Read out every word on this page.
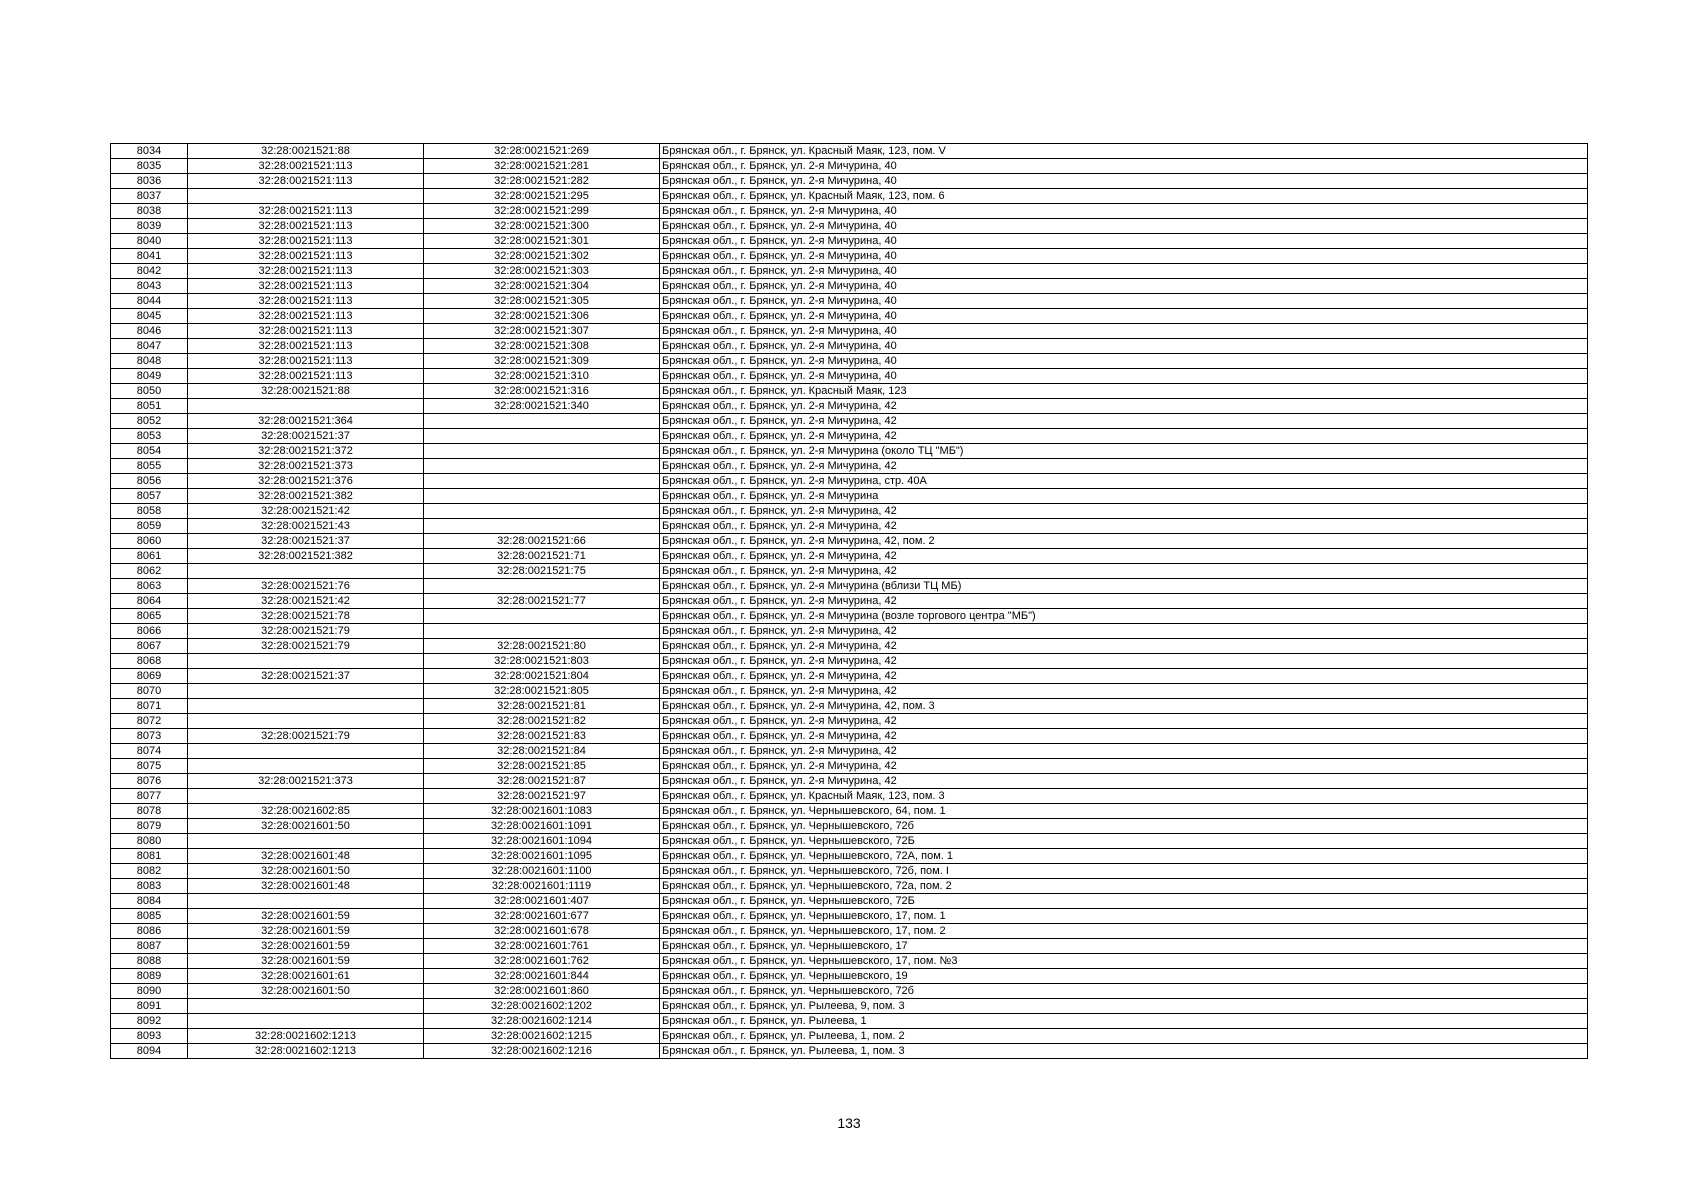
8034	32:28:0021521:88	32:28:0021521:269	Брянская обл., г. Брянск, ул. Красный Маяк, 123, пом. V
8035	32:28:0021521:113	32:28:0021521:281	Брянская обл., г. Брянск, ул. 2-я Мичурина, 40
8036	32:28:0021521:113	32:28:0021521:282	Брянская обл., г. Брянск, ул. 2-я Мичурина, 40
8037		32:28:0021521:295	Брянская обл., г. Брянск, ул. Красный Маяк, 123, пом. 6
8038	32:28:0021521:113	32:28:0021521:299	Брянская обл., г. Брянск, ул. 2-я Мичурина, 40
8039	32:28:0021521:113	32:28:0021521:300	Брянская обл., г. Брянск, ул. 2-я Мичурина, 40
8040	32:28:0021521:113	32:28:0021521:301	Брянская обл., г. Брянск, ул. 2-я Мичурина, 40
8041	32:28:0021521:113	32:28:0021521:302	Брянская обл., г. Брянск, ул. 2-я Мичурина, 40
8042	32:28:0021521:113	32:28:0021521:303	Брянская обл., г. Брянск, ул. 2-я Мичурина, 40
8043	32:28:0021521:113	32:28:0021521:304	Брянская обл., г. Брянск, ул. 2-я Мичурина, 40
8044	32:28:0021521:113	32:28:0021521:305	Брянская обл., г. Брянск, ул. 2-я Мичурина, 40
8045	32:28:0021521:113	32:28:0021521:306	Брянская обл., г. Брянск, ул. 2-я Мичурина, 40
8046	32:28:0021521:113	32:28:0021521:307	Брянская обл., г. Брянск, ул. 2-я Мичурина, 40
8047	32:28:0021521:113	32:28:0021521:308	Брянская обл., г. Брянск, ул. 2-я Мичурина, 40
8048	32:28:0021521:113	32:28:0021521:309	Брянская обл., г. Брянск, ул. 2-я Мичурина, 40
8049	32:28:0021521:113	32:28:0021521:310	Брянская обл., г. Брянск, ул. 2-я Мичурина, 40
8050	32:28:0021521:88	32:28:0021521:316	Брянская обл., г. Брянск, ул. Красный Маяк, 123
8051		32:28:0021521:340	Брянская обл., г. Брянск, ул. 2-я Мичурина, 42
8052	32:28:0021521:364		Брянская обл., г. Брянск, ул. 2-я Мичурина, 42
8053	32:28:0021521:37		Брянская обл., г. Брянск, ул. 2-я Мичурина, 42
8054	32:28:0021521:372		Брянская обл., г. Брянск, ул. 2-я Мичурина (около ТЦ "МБ")
8055	32:28:0021521:373		Брянская обл., г. Брянск, ул. 2-я Мичурина, 42
8056	32:28:0021521:376		Брянская обл., г. Брянск, ул. 2-я Мичурина, стр. 40А
8057	32:28:0021521:382		Брянская обл., г. Брянск, ул. 2-я Мичурина
8058	32:28:0021521:42		Брянская обл., г. Брянск, ул. 2-я Мичурина, 42
8059	32:28:0021521:43		Брянская обл., г. Брянск, ул. 2-я Мичурина, 42
8060	32:28:0021521:37	32:28:0021521:66	Брянская обл., г. Брянск, ул. 2-я Мичурина, 42, пом. 2
8061	32:28:0021521:382	32:28:0021521:71	Брянская обл., г. Брянск, ул. 2-я Мичурина, 42
8062		32:28:0021521:75	Брянская обл., г. Брянск, ул. 2-я Мичурина, 42
8063	32:28:0021521:76		Брянская обл., г. Брянск, ул. 2-я Мичурина (вблизи ТЦ МБ)
8064	32:28:0021521:42	32:28:0021521:77	Брянская обл., г. Брянск, ул. 2-я Мичурина, 42
8065	32:28:0021521:78		Брянская обл., г. Брянск, ул. 2-я Мичурина (возле торгового центра "МБ")
8066	32:28:0021521:79		Брянская обл., г. Брянск, ул. 2-я Мичурина, 42
8067	32:28:0021521:79	32:28:0021521:80	Брянская обл., г. Брянск, ул. 2-я Мичурина, 42
8068		32:28:0021521:803	Брянская обл., г. Брянск, ул. 2-я Мичурина, 42
8069	32:28:0021521:37	32:28:0021521:804	Брянская обл., г. Брянск, ул. 2-я Мичурина, 42
8070		32:28:0021521:805	Брянская обл., г. Брянск, ул. 2-я Мичурина, 42
8071		32:28:0021521:81	Брянская обл., г. Брянск, ул. 2-я Мичурина, 42, пом. 3
8072		32:28:0021521:82	Брянская обл., г. Брянск, ул. 2-я Мичурина, 42
8073	32:28:0021521:79	32:28:0021521:83	Брянская обл., г. Брянск, ул. 2-я Мичурина, 42
8074		32:28:0021521:84	Брянская обл., г. Брянск, ул. 2-я Мичурина, 42
8075		32:28:0021521:85	Брянская обл., г. Брянск, ул. 2-я Мичурина, 42
8076	32:28:0021521:373	32:28:0021521:87	Брянская обл., г. Брянск, ул. 2-я Мичурина, 42
8077		32:28:0021521:97	Брянская обл., г. Брянск, ул. Красный Маяк, 123, пом. 3
8078	32:28:0021602:85	32:28:0021601:1083	Брянская обл., г. Брянск, ул. Чернышевского, 64, пом. 1
8079	32:28:0021601:50	32:28:0021601:1091	Брянская обл., г. Брянск, ул. Чернышевского, 72б
8080		32:28:0021601:1094	Брянская обл., г. Брянск, ул. Чернышевского, 72Б
8081	32:28:0021601:48	32:28:0021601:1095	Брянская обл., г. Брянск, ул. Чернышевского, 72А, пом. 1
8082	32:28:0021601:50	32:28:0021601:1100	Брянская обл., г. Брянск, ул. Чернышевского, 72б, пом. I
8083	32:28:0021601:48	32:28:0021601:1119	Брянская обл., г. Брянск, ул. Чернышевского, 72а, пом. 2
8084		32:28:0021601:407	Брянская обл., г. Брянск, ул. Чернышевского, 72Б
8085	32:28:0021601:59	32:28:0021601:677	Брянская обл., г. Брянск, ул. Чернышевского, 17, пом. 1
8086	32:28:0021601:59	32:28:0021601:678	Брянская обл., г. Брянск, ул. Чернышевского, 17, пом. 2
8087	32:28:0021601:59	32:28:0021601:761	Брянская обл., г. Брянск, ул. Чернышевского, 17
8088	32:28:0021601:59	32:28:0021601:762	Брянская обл., г. Брянск, ул. Чернышевского, 17, пом. №3
8089	32:28:0021601:61	32:28:0021601:844	Брянская обл., г. Брянск, ул. Чернышевского, 19
8090	32:28:0021601:50	32:28:0021601:860	Брянская обл., г. Брянск, ул. Чернышевского, 72б
8091		32:28:0021602:1202	Брянская обл., г. Брянск, ул. Рылеева, 9, пом. 3
8092		32:28:0021602:1214	Брянская обл., г. Брянск, ул. Рылеева, 1
8093	32:28:0021602:1213	32:28:0021602:1215	Брянская обл., г. Брянск, ул. Рылеева, 1, пом. 2
8094	32:28:0021602:1213	32:28:0021602:1216	Брянская обл., г. Брянск, ул. Рылеева, 1, пом. 3
133
